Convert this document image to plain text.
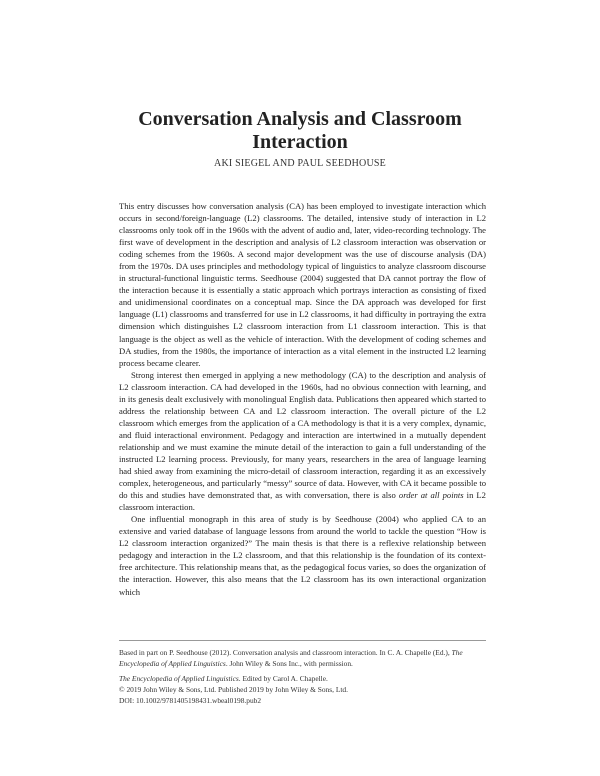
Conversation Analysis and Classroom Interaction

AKI SIEGEL AND PAUL SEEDHOUSE

This entry discusses how conversation analysis (CA) has been employed to investigate interaction which occurs in second/foreign-language (L2) classrooms. The detailed, intensive study of interaction in L2 classrooms only took off in the 1960s with the advent of audio and, later, video-recording technology. The first wave of development in the description and analysis of L2 classroom interaction was observation or coding schemes from the 1960s. A second major development was the use of discourse analysis (DA) from the 1970s. DA uses principles and methodology typical of linguistics to analyze classroom discourse in structural-functional linguistic terms. Seedhouse (2004) suggested that DA cannot portray the flow of the interaction because it is essentially a static approach which portrays interaction as consisting of fixed and unidimensional coordinates on a conceptual map. Since the DA approach was developed for first language (L1) classrooms and transferred for use in L2 classrooms, it had difficulty in portraying the extra dimension which distinguishes L2 classroom interaction from L1 classroom interaction. This is that language is the object as well as the vehicle of interaction. With the development of coding schemes and DA studies, from the 1980s, the importance of interaction as a vital element in the instructed L2 learning process became clearer.

Strong interest then emerged in applying a new methodology (CA) to the description and analysis of L2 classroom interaction. CA had developed in the 1960s, had no obvious connection with learning, and in its genesis dealt exclusively with monolingual English data. Publications then appeared which started to address the relationship between CA and L2 classroom interaction. The overall picture of the L2 classroom which emerges from the application of a CA methodology is that it is a very complex, dynamic, and fluid interactional environment. Pedagogy and interaction are intertwined in a mutually dependent relationship and we must examine the minute detail of the interaction to gain a full understanding of the instructed L2 learning process. Previously, for many years, researchers in the area of language learning had shied away from examining the micro-detail of classroom interaction, regarding it as an excessively complex, heterogeneous, and particularly “messy” source of data. However, with CA it became possible to do this and studies have demonstrated that, as with conversation, there is also order at all points in L2 classroom interaction.

One influential monograph in this area of study is by Seedhouse (2004) who applied CA to an extensive and varied database of language lessons from around the world to tackle the question “How is L2 classroom interaction organized?” The main thesis is that there is a reflexive relationship between pedagogy and interaction in the L2 classroom, and that this relationship is the foundation of its context-free architecture. This relationship means that, as the pedagogical focus varies, so does the organization of the interaction. However, this also means that the L2 classroom has its own interactional organization which

Based in part on P. Seedhouse (2012). Conversation analysis and classroom interaction. In C. A. Chapelle (Ed.), The Encyclopedia of Applied Linguistics. John Wiley & Sons Inc., with permission.

The Encyclopedia of Applied Linguistics. Edited by Carol A. Chapelle.

© 2019 John Wiley & Sons, Ltd. Published 2019 by John Wiley & Sons, Ltd.

DOI: 10.1002/9781405198431.wbeal0198.pub2
